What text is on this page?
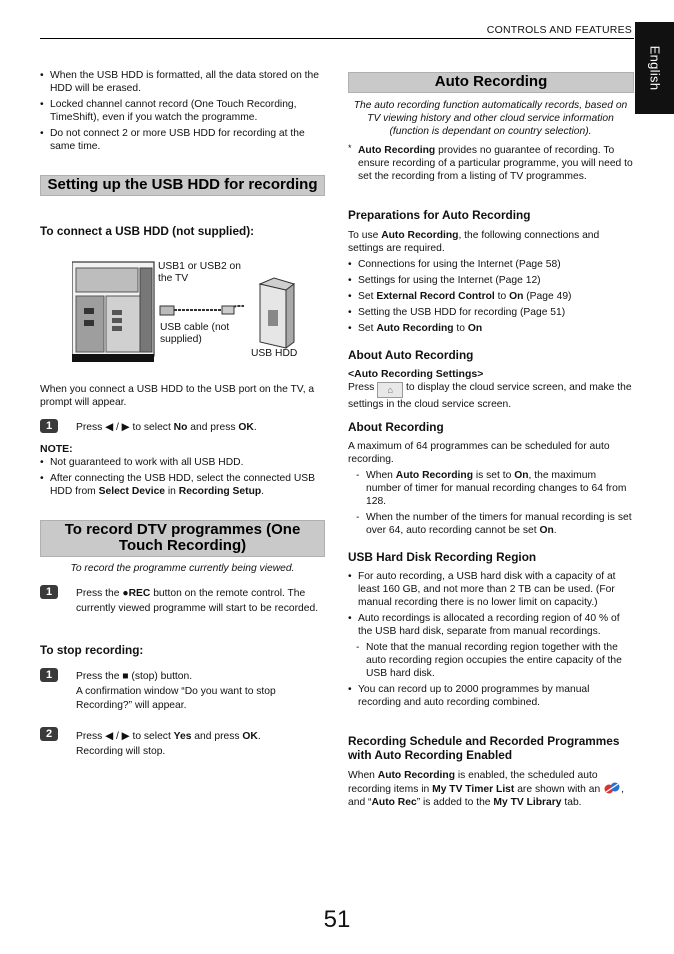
CONTROLS AND FEATURES
English
• When the USB HDD is formatted, all the data stored on the HDD will be erased.
• Locked channel cannot record (One Touch Recording, TimeShift), even if you watch the programme.
• Do not connect 2 or more USB HDD for recording at the same time.
Setting up the USB HDD for recording
To connect a USB HDD (not supplied):
USB1 or USB2 on the TV
USB cable (not supplied)
USB HDD
When you connect a USB HDD to the USB port on the TV, a prompt will appear.
1	Press ◀ / ▶ to select No and press OK.
NOTE:
• Not guaranteed to work with all USB HDD.
• After connecting the USB HDD, select the connected USB HDD from Select Device in Recording Setup.
To record DTV programmes (One Touch Recording)
To record the programme currently being viewed.
1	Press the ●REC button on the remote control. The currently viewed programme will start to be recorded.
To stop recording:
1	Press the ■ (stop) button.

A confirmation window “Do you want to stop Recording?” will appear.

2	Press ◀ / ▶ to select Yes and press OK.

Recording will stop.

Auto Recording
The auto recording function automatically records, based on TV viewing history and other cloud service information (function is dependant on country selection).
* Auto Recording provides no guarantee of recording. To ensure recording of a particular programme, you will need to set the recording from a listing of TV programmes.
Preparations for Auto Recording
To use Auto Recording, the following connections and settings are required.
• Connections for using the Internet (Page 58)
• Settings for using the Internet (Page 12)
• Set External Record Control to On (Page 49)
• Setting the USB HDD for recording (Page 51)
• Set Auto Recording to On
About Auto Recording
<Auto Recording Settings>
Press ⌂ to display the cloud service screen, and make the settings in the cloud service screen.
About Recording
A maximum of 64 programmes can be scheduled for auto recording.
- When Auto Recording is set to On, the maximum number of timer for manual recording changes to 64 from 128.
- When the number of the timers for manual recording is set over 64, auto recording cannot be set On.
USB Hard Disk Recording Region
• For auto recording, a USB hard disk with a capacity of at least 160 GB, and not more than 2 TB can be used. (For manual recording there is no lower limit on capacity.)
• Auto recordings is allocated a recording region of 40 % of the USB hard disk, separate from manual recordings.
- Note that the manual recording region together with the auto recording region occupies the entire capacity of the USB hard disk.
• You can record up to 2000 programmes by manual recording and auto recording combined.
Recording Schedule and Recorded Programmes with Auto Recording Enabled
When Auto Recording is enabled, the scheduled auto recording items in My TV Timer List are shown with an , and “Auto Rec” is added to the My TV Library tab.
51
